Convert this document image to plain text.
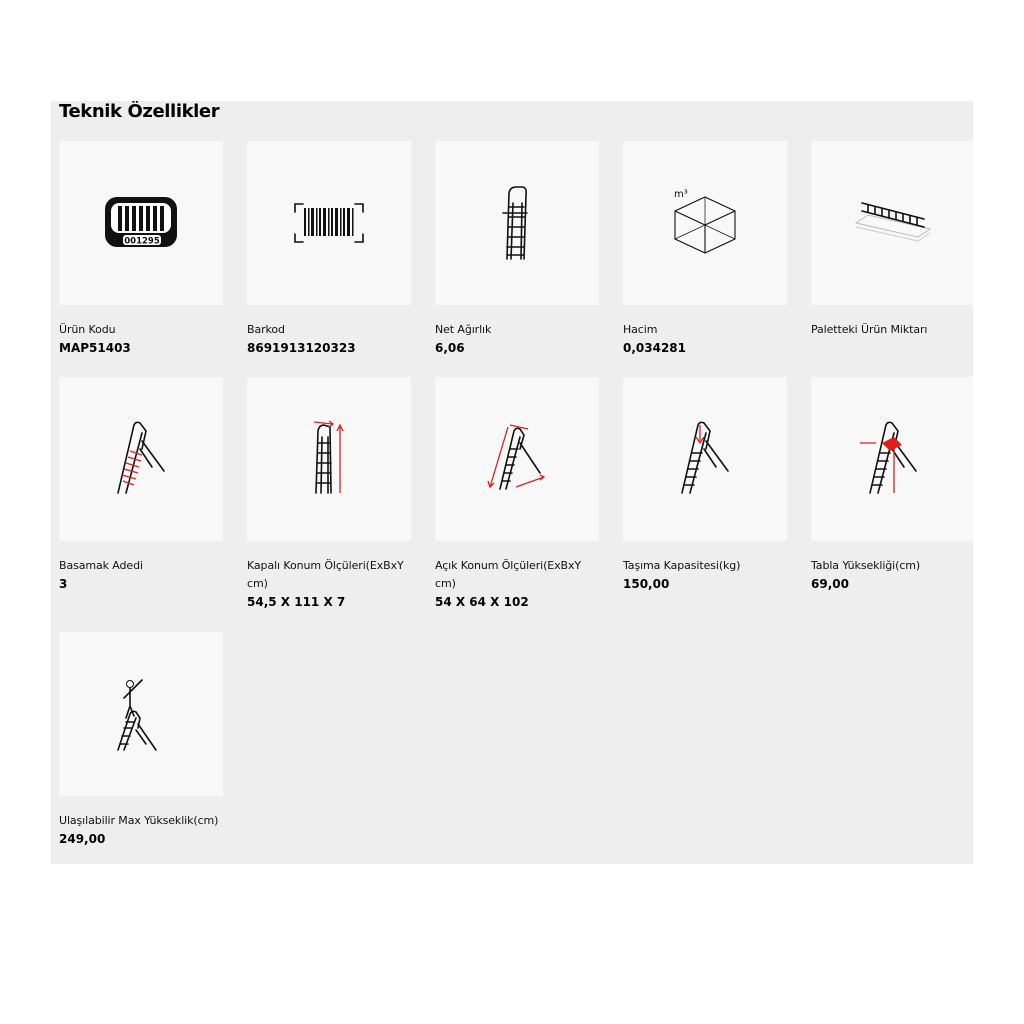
Teknik Özellikler
001295
Ürün Kodu
MAP51403
Barkod
8691913120323
Net Ağırlık
6,06
m³
Hacim
0,034281
Paletteki Ürün Miktarı
Basamak Adedi
3
Kapalı Konum Ölçüleri(ExBxY cm)
54,5 X 111 X 7
Açık Konum Ölçüleri(ExBxY cm)
54 X 64 X 102
Taşıma Kapasitesi(kg)
150,00
Tabla Yüksekliği(cm)
69,00
Ulaşılabilir Max Yükseklik(cm)
249,00
